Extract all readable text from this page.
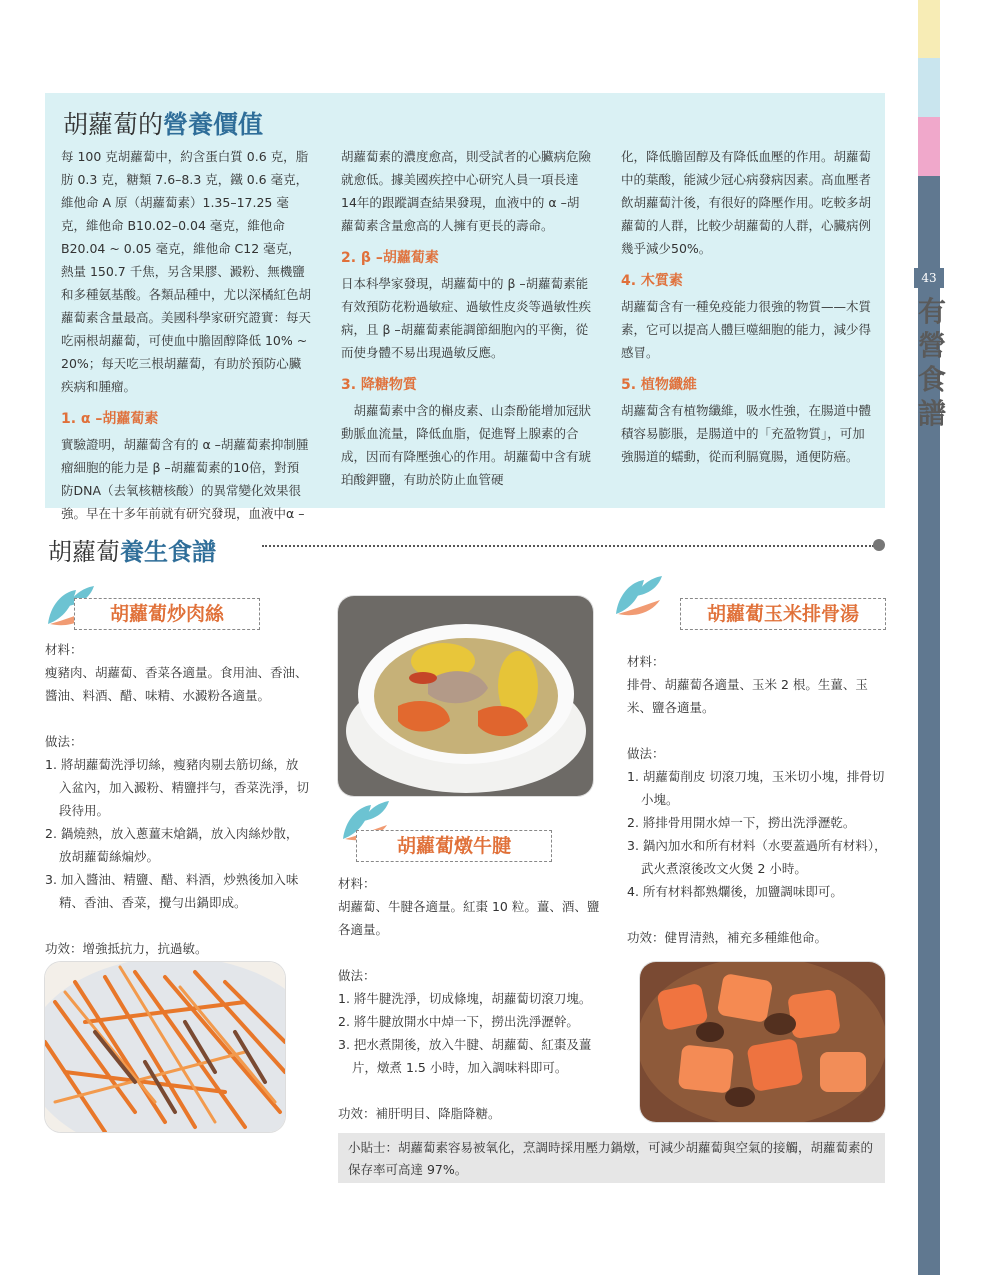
43
有
營
食
譜
胡蘿蔔的營養價值

每 100 克胡蘿蔔中，約含蛋白質 0.6 克，脂肪 0.3 克，糖類 7.6–8.3 克，鐵 0.6 毫克，維他命 A 原（胡蘿蔔素）1.35–17.25 毫克，維他命 B10.02–0.04 毫克，維他命 B20.04 ~ 0.05 毫克，維他命 C12 毫克，熱量 150.7 千焦，另含果膠、澱粉、無機鹽和多種氨基酸。各類品種中，尤以深橘紅色胡蘿蔔素含量最高。美國科學家研究證實：每天吃兩根胡蘿蔔，可使血中膽固醇降低 10% ~ 20%；每天吃三根胡蘿蔔，有助於預防心臟疾病和腫瘤。

1. α –胡蘿蔔素

實驗證明，胡蘿蔔含有的 α –胡蘿蔔素抑制腫瘤細胞的能力是 β –胡蘿蔔素的10倍，對預防DNA（去氧核糖核酸）的異常變化效果很強。早在十多年前就有研究發現，血液中α –

胡蘿蔔素的濃度愈高，則受試者的心臟病危險就愈低。據美國疾控中心研究人員一項長達14年的跟蹤調查結果發現，血液中的 α –胡蘿蔔素含量愈高的人擁有更長的壽命。

2. β –胡蘿蔔素

日本科學家發現，胡蘿蔔中的 β –胡蘿蔔素能有效預防花粉過敏症、過敏性皮炎等過敏性疾病，且 β –胡蘿蔔素能調節細胞內的平衡，從而使身體不易出現過敏反應。

3. 降糖物質

胡蘿蔔素中含的槲皮素、山柰酚能增加冠狀動脈血流量，降低血脂，促進腎上腺素的合成，因而有降壓強心的作用。胡蘿蔔中含有琥珀酸鉀鹽，有助於防止血管硬

化，降低膽固醇及有降低血壓的作用。胡蘿蔔中的葉酸，能減少冠心病發病因素。高血壓者飲胡蘿蔔汁後，有很好的降壓作用。吃較多胡蘿蔔的人群，比較少胡蘿蔔的人群，心臟病例幾乎減少50%。

4. 木質素

胡蘿蔔含有一種免疫能力很強的物質——木質素，它可以提高人體巨噬細胞的能力，減少得感冒。

5. 植物纖維

胡蘿蔔含有植物纖維，吸水性強，在腸道中體積容易膨脹，是腸道中的「充盈物質」，可加強腸道的蠕動，從而利膈寬腸，通便防癌。

胡蘿蔔養生食譜
胡蘿蔔炒肉絲

材料：

瘦豬肉、胡蘿蔔、香菜各適量。食用油、香油、醬油、料酒、醋、味精、水澱粉各適量。

做法：

1. 將胡蘿蔔洗淨切絲，瘦豬肉剔去筋切絲，放入盆內，加入澱粉、精鹽拌勻，香菜洗淨，切段待用。

2. 鍋燒熱，放入蔥薑末熗鍋，放入肉絲炒散，放胡蘿蔔絲煸炒。

3. 加入醬油、精鹽、醋、料酒，炒熟後加入味精、香油、香菜，攪勻出鍋即成。

功效：增強抵抗力，抗過敏。

胡蘿蔔燉牛腱

材料：

胡蘿蔔、牛腱各適量。紅棗 10 粒。薑、酒、鹽各適量。

做法：

1. 將牛腱洗淨，切成條塊，胡蘿蔔切滾刀塊。

2. 將牛腱放開水中焯一下，撈出洗淨瀝幹。

3. 把水煮開後，放入牛腱、胡蘿蔔、紅棗及薑片，燉煮 1.5 小時，加入調味料即可。

功效：補肝明目、降脂降糖。

胡蘿蔔玉米排骨湯

材料：

排骨、胡蘿蔔各適量、玉米 2 根。生薑、玉米、鹽各適量。

做法：

1. 胡蘿蔔削皮 切滾刀塊，玉米切小塊，排骨切小塊。

2. 將排骨用開水焯一下，撈出洗淨瀝乾。

3. 鍋內加水和所有材料（水要蓋過所有材料），武火煮滾後改文火煲 2 小時。

4. 所有材料都熟爛後，加鹽調味即可。

功效：健胃清熱，補充多種維他命。

小貼士：胡蘿蔔素容易被氧化，烹調時採用壓力鍋燉，可減少胡蘿蔔與空氣的接觸，胡蘿蔔素的保存率可高達 97%。
